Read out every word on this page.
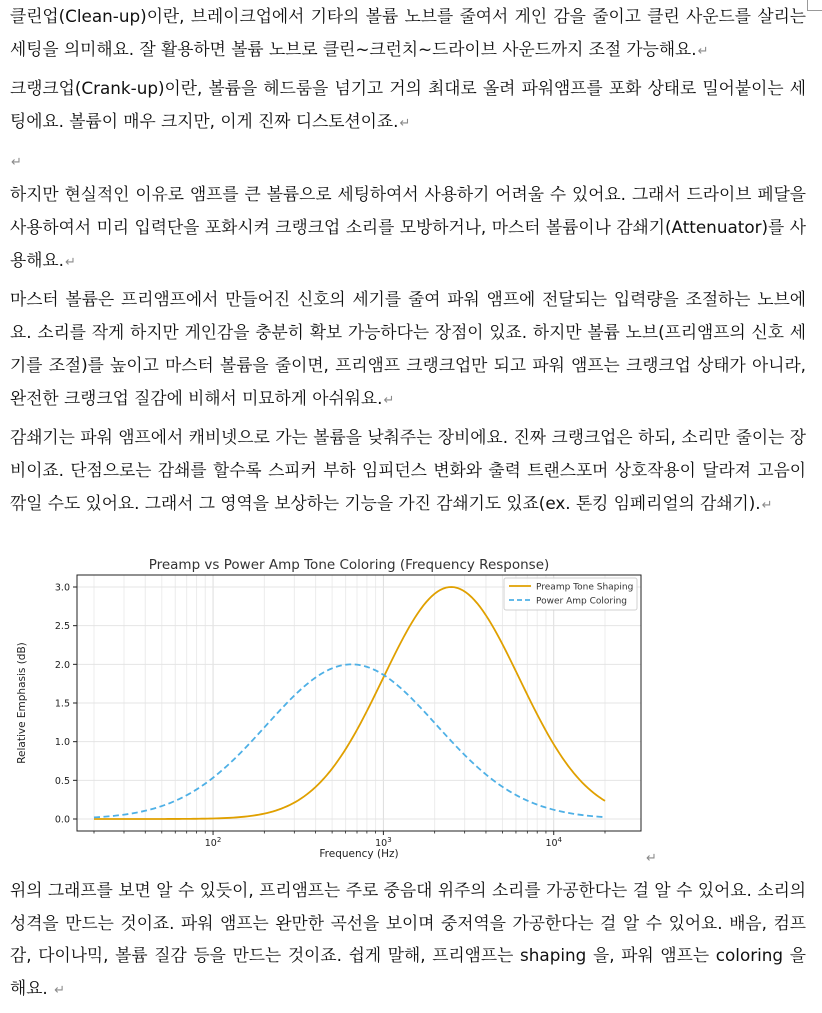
클린업(Clean-up)이란, 브레이크업에서 기타의 볼륨 노브를 줄여서 게인 감을 줄이고 클린 사운드를 살리는 세팅을 의미해요. 잘 활용하면 볼륨 노브로 클린~크런치~드라이브 사운드까지 조절 가능해요.↵

크랭크업(Crank-up)이란, 볼륨을 헤드룸을 넘기고 거의 최대로 올려 파워앰프를 포화 상태로 밀어붙이는 세팅에요. 볼륨이 매우 크지만, 이게 진짜 디스토션이죠.↵

↵

하지만 현실적인 이유로 앰프를 큰 볼륨으로 세팅하여서 사용하기 어려울 수 있어요. 그래서 드라이브 페달을 사용하여서 미리 입력단을 포화시켜 크랭크업 소리를 모방하거나, 마스터 볼륨이나 감쇄기(Attenuator)를 사용해요.↵

마스터 볼륨은 프리앰프에서 만들어진 신호의 세기를 줄여 파워 앰프에 전달되는 입력량을 조절하는 노브에요. 소리를 작게 하지만 게인감을 충분히 확보 가능하다는 장점이 있죠. 하지만 볼륨 노브(프리앰프의 신호 세기를 조절)를 높이고 마스터 볼륨을 줄이면, 프리앰프 크랭크업만 되고 파워 앰프는 크랭크업 상태가 아니라, 완전한 크랭크업 질감에 비해서 미묘하게 아쉬워요.↵

감쇄기는 파워 앰프에서 캐비넷으로 가는 볼륨을 낮춰주는 장비에요. 진짜 크랭크업은 하되, 소리만 줄이는 장비이죠. 단점으로는 감쇄를 할수록 스피커 부하 임피던스 변화와 출력 트랜스포머 상호작용이 달라져 고음이 깎일 수도 있어요. 그래서 그 영역을 보상하는 기능을 가진 감쇄기도 있죠(ex. 톤킹 임페리얼의 감쇄기).↵

0.0
0.5
1.0
1.5
2.0
2.5
3.0
$10^2$	$10^3$	$10^4$
Preamp vs Power Amp Tone Coloring (Frequency Response)
Frequency (Hz)
Relative Emphasis (dB)
Preamp Tone Shaping
Power Amp Coloring
↵

위의 그래프를 보면 알 수 있듯이, 프리앰프는 주로 중음대 위주의 소리를 가공한다는 걸 알 수 있어요. 소리의 성격을 만드는 것이죠. 파워 앰프는 완만한 곡선을 보이며 중저역을 가공한다는 걸 알 수 있어요. 배음, 컴프감, 다이나믹, 볼륨 질감 등을 만드는 것이죠. 쉽게 말해, 프리앰프는 shaping 을, 파워 앰프는 coloring 을 해요. ↵
